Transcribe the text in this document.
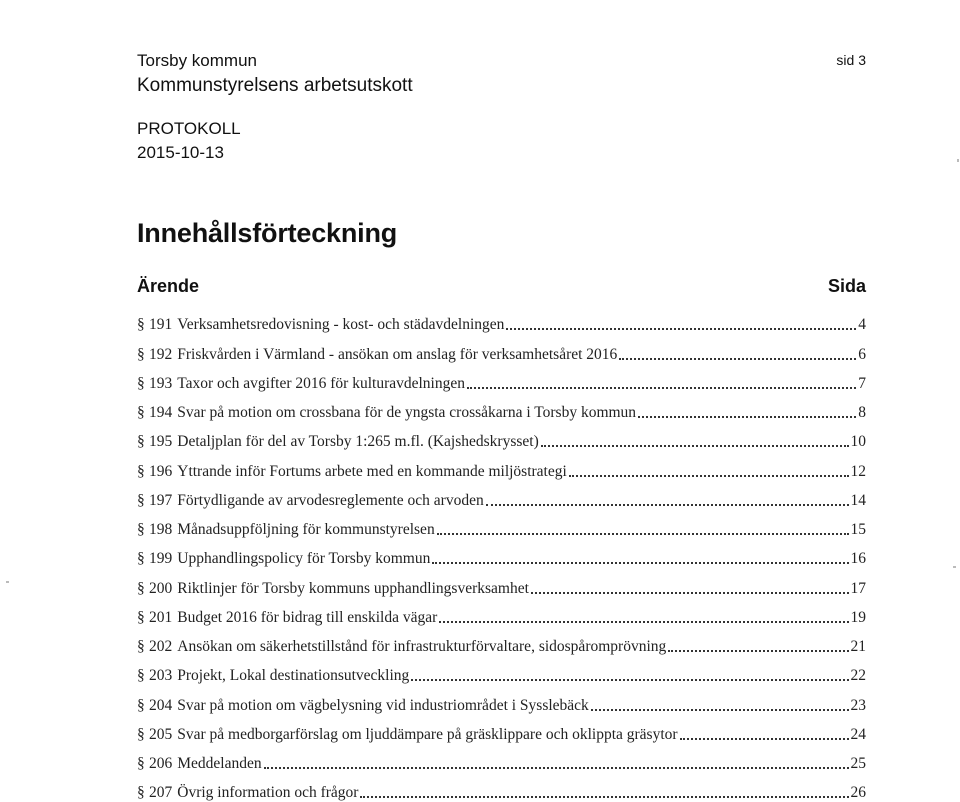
Torsby kommun
Kommunstyrelsens arbetsutskott
PROTOKOLL
2015-10-13
sid 3
Innehållsförteckning
Ärende	Sida
§ 191 Verksamhetsredovisning - kost- och städavdelningen	4
§ 192 Friskvården i Värmland - ansökan om anslag för verksamhetsåret 2016	6
§ 193 Taxor och avgifter 2016 för kulturavdelningen	7
§ 194 Svar på motion om crossbana för de yngsta crossåkarna i Torsby kommun	8
§ 195 Detaljplan för del av Torsby 1:265 m.fl. (Kajshedskrysset)	10
§ 196 Yttrande inför Fortums arbete med en kommande miljöstrategi	12
§ 197 Förtydligande av arvodesreglemente och arvoden	14
§ 198 Månadsuppföljning för kommunstyrelsen	15
§ 199 Upphandlingspolicy för Torsby kommun	16
§ 200 Riktlinjer för Torsby kommuns upphandlingsverksamhet	17
§ 201 Budget 2016 för bidrag till enskilda vägar	19
§ 202 Ansökan om säkerhetstillstånd för infrastrukturförvaltare, sidospåromprövning	21
§ 203 Projekt, Lokal destinationsutveckling	22
§ 204 Svar på motion om vägbelysning vid industriområdet i Sysslebäck	23
§ 205 Svar på medborgarförslag om ljuddämpare på gräsklippare och oklippta gräsytor	24
§ 206 Meddelanden	25
§ 207 Övrig information och frågor	26
